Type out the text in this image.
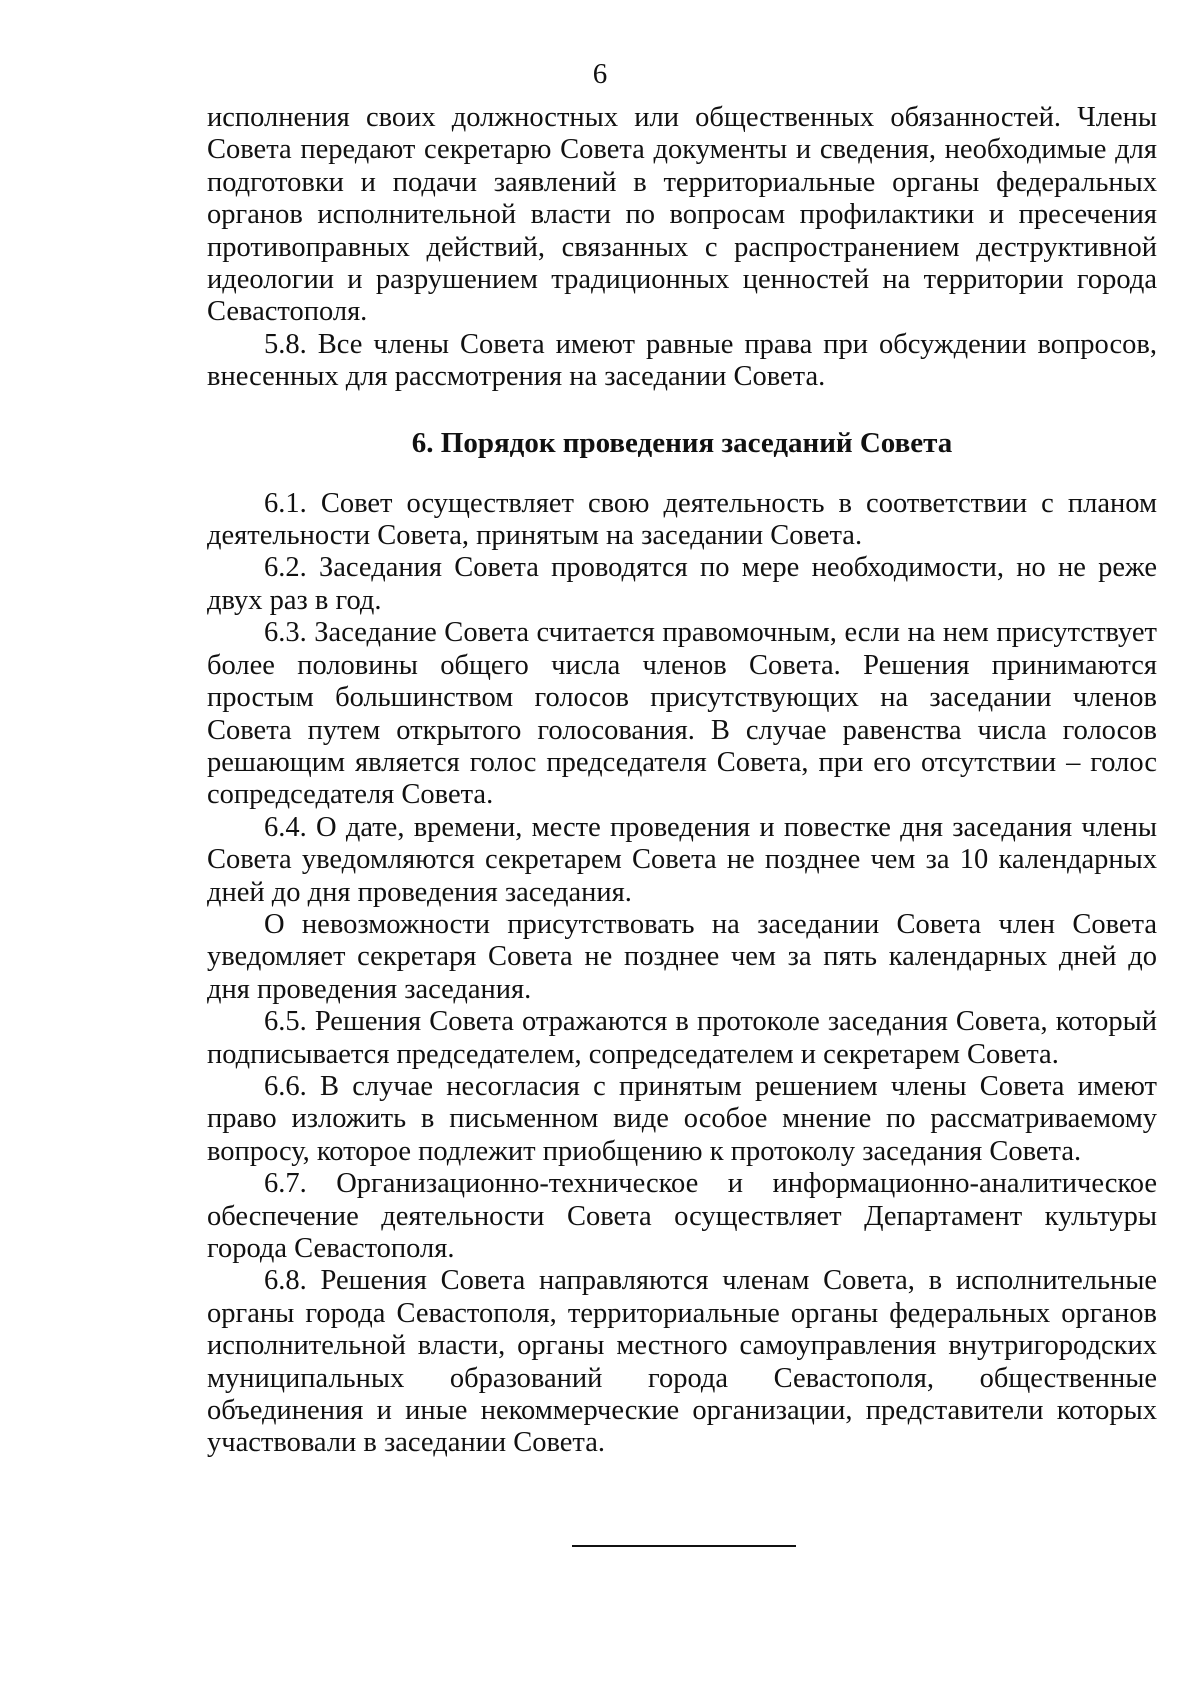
6

исполнения своих должностных или общественных обязанностей. Члены Совета передают секретарю Совета документы и сведения, необходимые для подготовки и подачи заявлений в территориальные органы федеральных органов исполнительной власти по вопросам профилактики и пресечения противоправных действий, связанных с распространением деструктивной идеологии и разрушением традиционных ценностей на территории города Севастополя.

5.8. Все члены Совета имеют равные права при обсуждении вопросов, внесенных для рассмотрения на заседании Совета.

6. Порядок проведения заседаний Совета

6.1. Совет осуществляет свою деятельность в соответствии с планом деятельности Совета, принятым на заседании Совета.

6.2. Заседания Совета проводятся по мере необходимости, но не реже двух раз в год.

6.3. Заседание Совета считается правомочным, если на нем присутствует более половины общего числа членов Совета. Решения принимаются простым большинством голосов присутствующих на заседании членов Совета путем открытого голосования. В случае равенства числа голосов решающим является голос председателя Совета, при его отсутствии – голос сопредседателя Совета.

6.4. О дате, времени, месте проведения и повестке дня заседания члены Совета уведомляются секретарем Совета не позднее чем за 10 календарных дней до дня проведения заседания.

О невозможности присутствовать на заседании Совета член Совета уведомляет секретаря Совета не позднее чем за пять календарных дней до дня проведения заседания.

6.5. Решения Совета отражаются в протоколе заседания Совета, который подписывается председателем, сопредседателем и секретарем Совета.

6.6. В случае несогласия с принятым решением члены Совета имеют право изложить в письменном виде особое мнение по рассматриваемому вопросу, которое подлежит приобщению к протоколу заседания Совета.

6.7. Организационно-техническое и информационно-аналитическое обеспечение деятельности Совета осуществляет Департамент культуры города Севастополя.

6.8. Решения Совета направляются членам Совета, в исполнительные органы города Севастополя, территориальные органы федеральных органов исполнительной власти, органы местного самоуправления внутригородских муниципальных образований города Севастополя, общественные объединения и иные некоммерческие организации, представители которых участвовали в заседании Совета.
